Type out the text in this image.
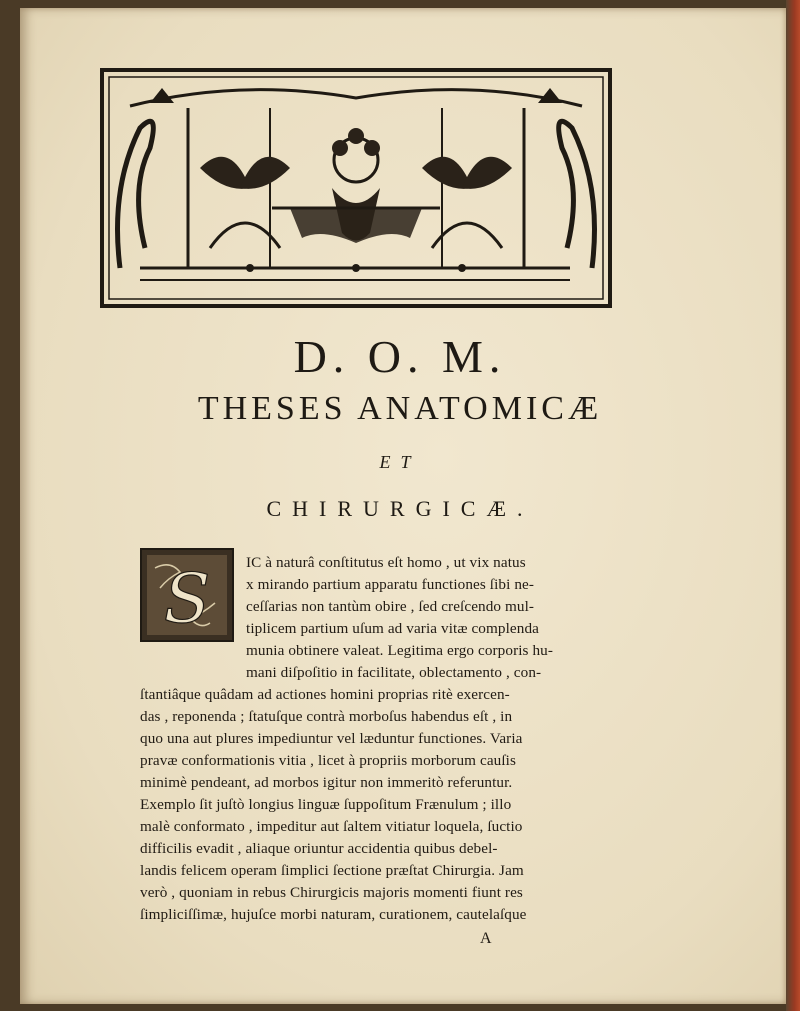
D. O. M.
THESES ANATOMICÆ
ET
CHIRURGICÆ.
S IC à naturâ conſtitutus eſt homo , ut vix natus
x mirando partium apparatu functiones ſibi ne-
ceſſarias non tantùm obire , ſed creſcendo mul-
tiplicem partium uſum ad varia vitæ complenda
munia obtinere valeat. Legitima ergo corporis hu-
mani diſpoſitio in facilitate, oblectamento , con-
ſtantiâque quâdam ad actiones homini proprias ritè exercen-
das , reponenda ; ſtatuſque contrà morboſus habendus eſt , in
quo una aut plures impediuntur vel læduntur functiones. Varia
pravæ conformationis vitia , licet à propriis morborum cauſis
minimè pendeant, ad morbos igitur non immeritò referuntur.
Exemplo ſit juſtò longius linguæ ſuppoſitum Frænulum ; illo
malè conformato , impeditur aut ſaltem vitiatur loquela, ſuctio
difficilis evadit , aliaque oriuntur accidentia quibus debel-
landis felicem operam ſimplici ſectione præſtat Chirurgia. Jam
verò , quoniam in rebus Chirurgicis majoris momenti fiunt res
ſimpliciſſimæ, hujuſce morbi naturam, curationem, cautelaſque
A
